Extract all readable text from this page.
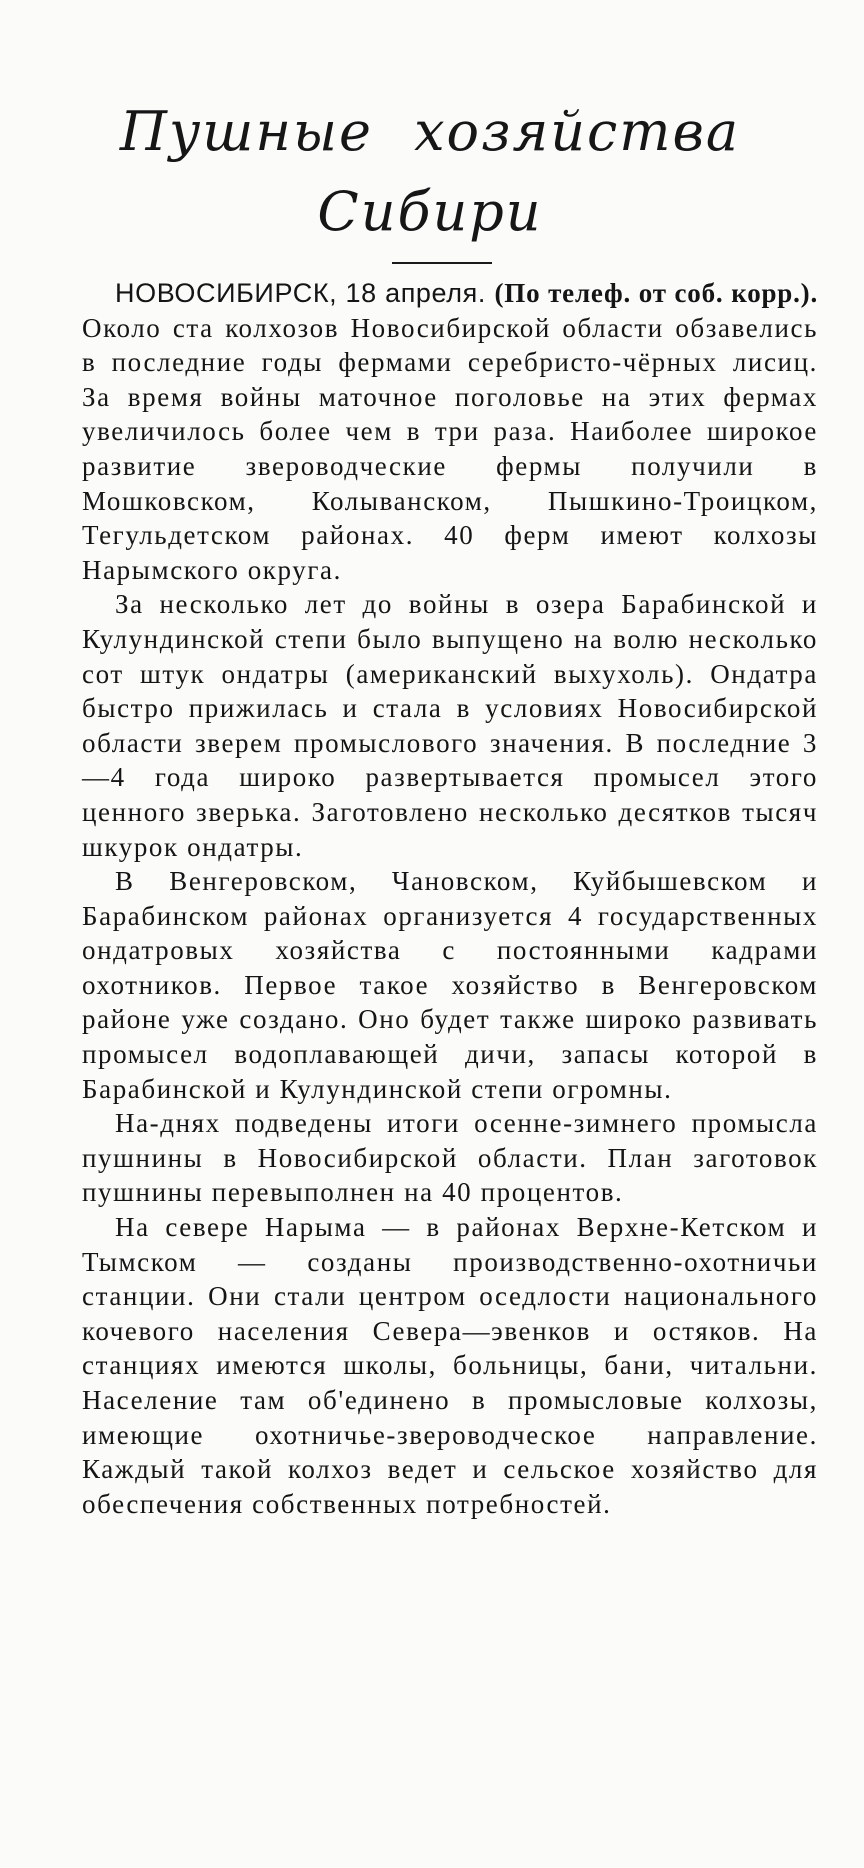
Пушные хозяйства
Сибири

НОВОСИБИРСК, 18 апреля. (По телеф. от соб. корр.). Около ста колхозов Новосибирской области обзавелись в последние годы фермами серебристо-чёрных лисиц. За время войны маточное поголовье на этих фермах увеличилось более чем в три раза. Наиболее широкое развитие звероводческие фермы получили в Мошковском, Колыванском, Пышкино-Троицком, Тегульдетском районах. 40 ферм имеют колхозы Нарымского округа.

За несколько лет до войны в озера Барабинской и Кулундинской степи было выпущено на волю несколько сот штук ондатры (американский выхухоль). Ондатра быстро прижилась и стала в условиях Новосибирской области зверем промыслового значения. В последние 3—4 года широко развертывается промысел этого ценного зверька. Заготовлено несколько десятков тысяч шкурок ондатры.

В Венгеровском, Чановском, Куйбышевском и Барабинском районах организуется 4 государственных ондатровых хозяйства с постоянными кадрами охотников. Первое такое хозяйство в Венгеровском районе уже создано. Оно будет также широко развивать промысел водоплавающей дичи, запасы которой в Барабинской и Кулундинской степи огромны.

На-днях подведены итоги осенне-зимнего промысла пушнины в Новосибирской области. План заготовок пушнины перевыполнен на 40 процентов.

На севере Нарыма — в районах Верхне-Кетском и Тымском — созданы производственно-охотничьи станции. Они стали центром оседлости национального кочевого населения Севера—эвенков и остяков. На станциях имеются школы, больницы, бани, читальни. Население там об'единено в промысловые колхозы, имеющие охотничье-звероводческое направление. Каждый такой колхоз ведет и сельское хозяйство для обеспечения собственных потребностей.
